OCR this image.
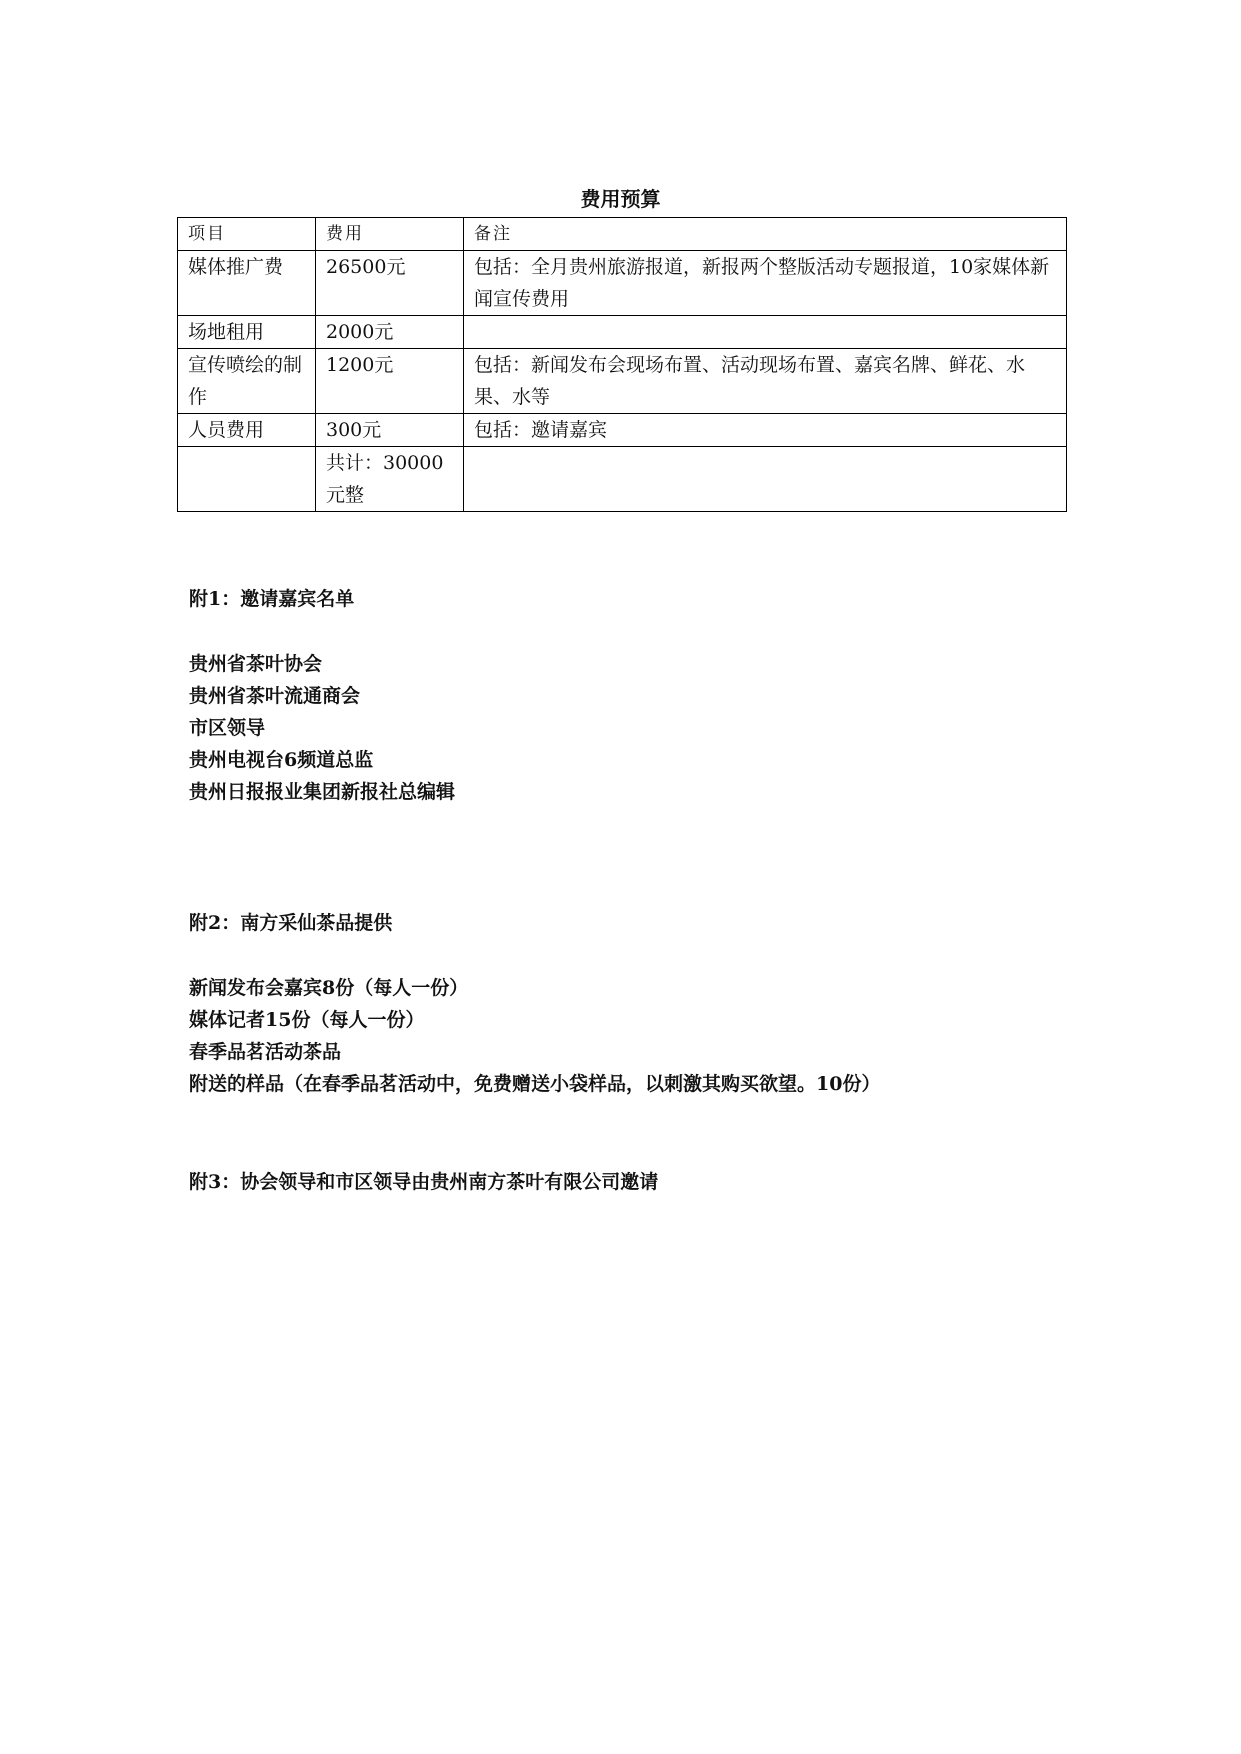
费用预算
项目	费用	备注
媒体推广费	26500元	包括：全月贵州旅游报道，新报两个整版活动专题报道，10家媒体新闻宣传费用
场地租用	2000元	
宣传喷绘的制作	1200元	包括：新闻发布会现场布置、活动现场布置、嘉宾名牌、鲜花、水果、水等
人员费用	300元	包括：邀请嘉宾
	共计：30000元整	
附1：邀请嘉宾名单
贵州省茶叶协会
贵州省茶叶流通商会
市区领导
贵州电视台6频道总监
贵州日报报业集团新报社总编辑
附2：南方采仙茶品提供
新闻发布会嘉宾8份（每人一份）
媒体记者15份（每人一份）
春季品茗活动茶品
附送的样品（在春季品茗活动中，免费赠送小袋样品，以刺激其购买欲望。10份）
附3：协会领导和市区领导由贵州南方茶叶有限公司邀请
